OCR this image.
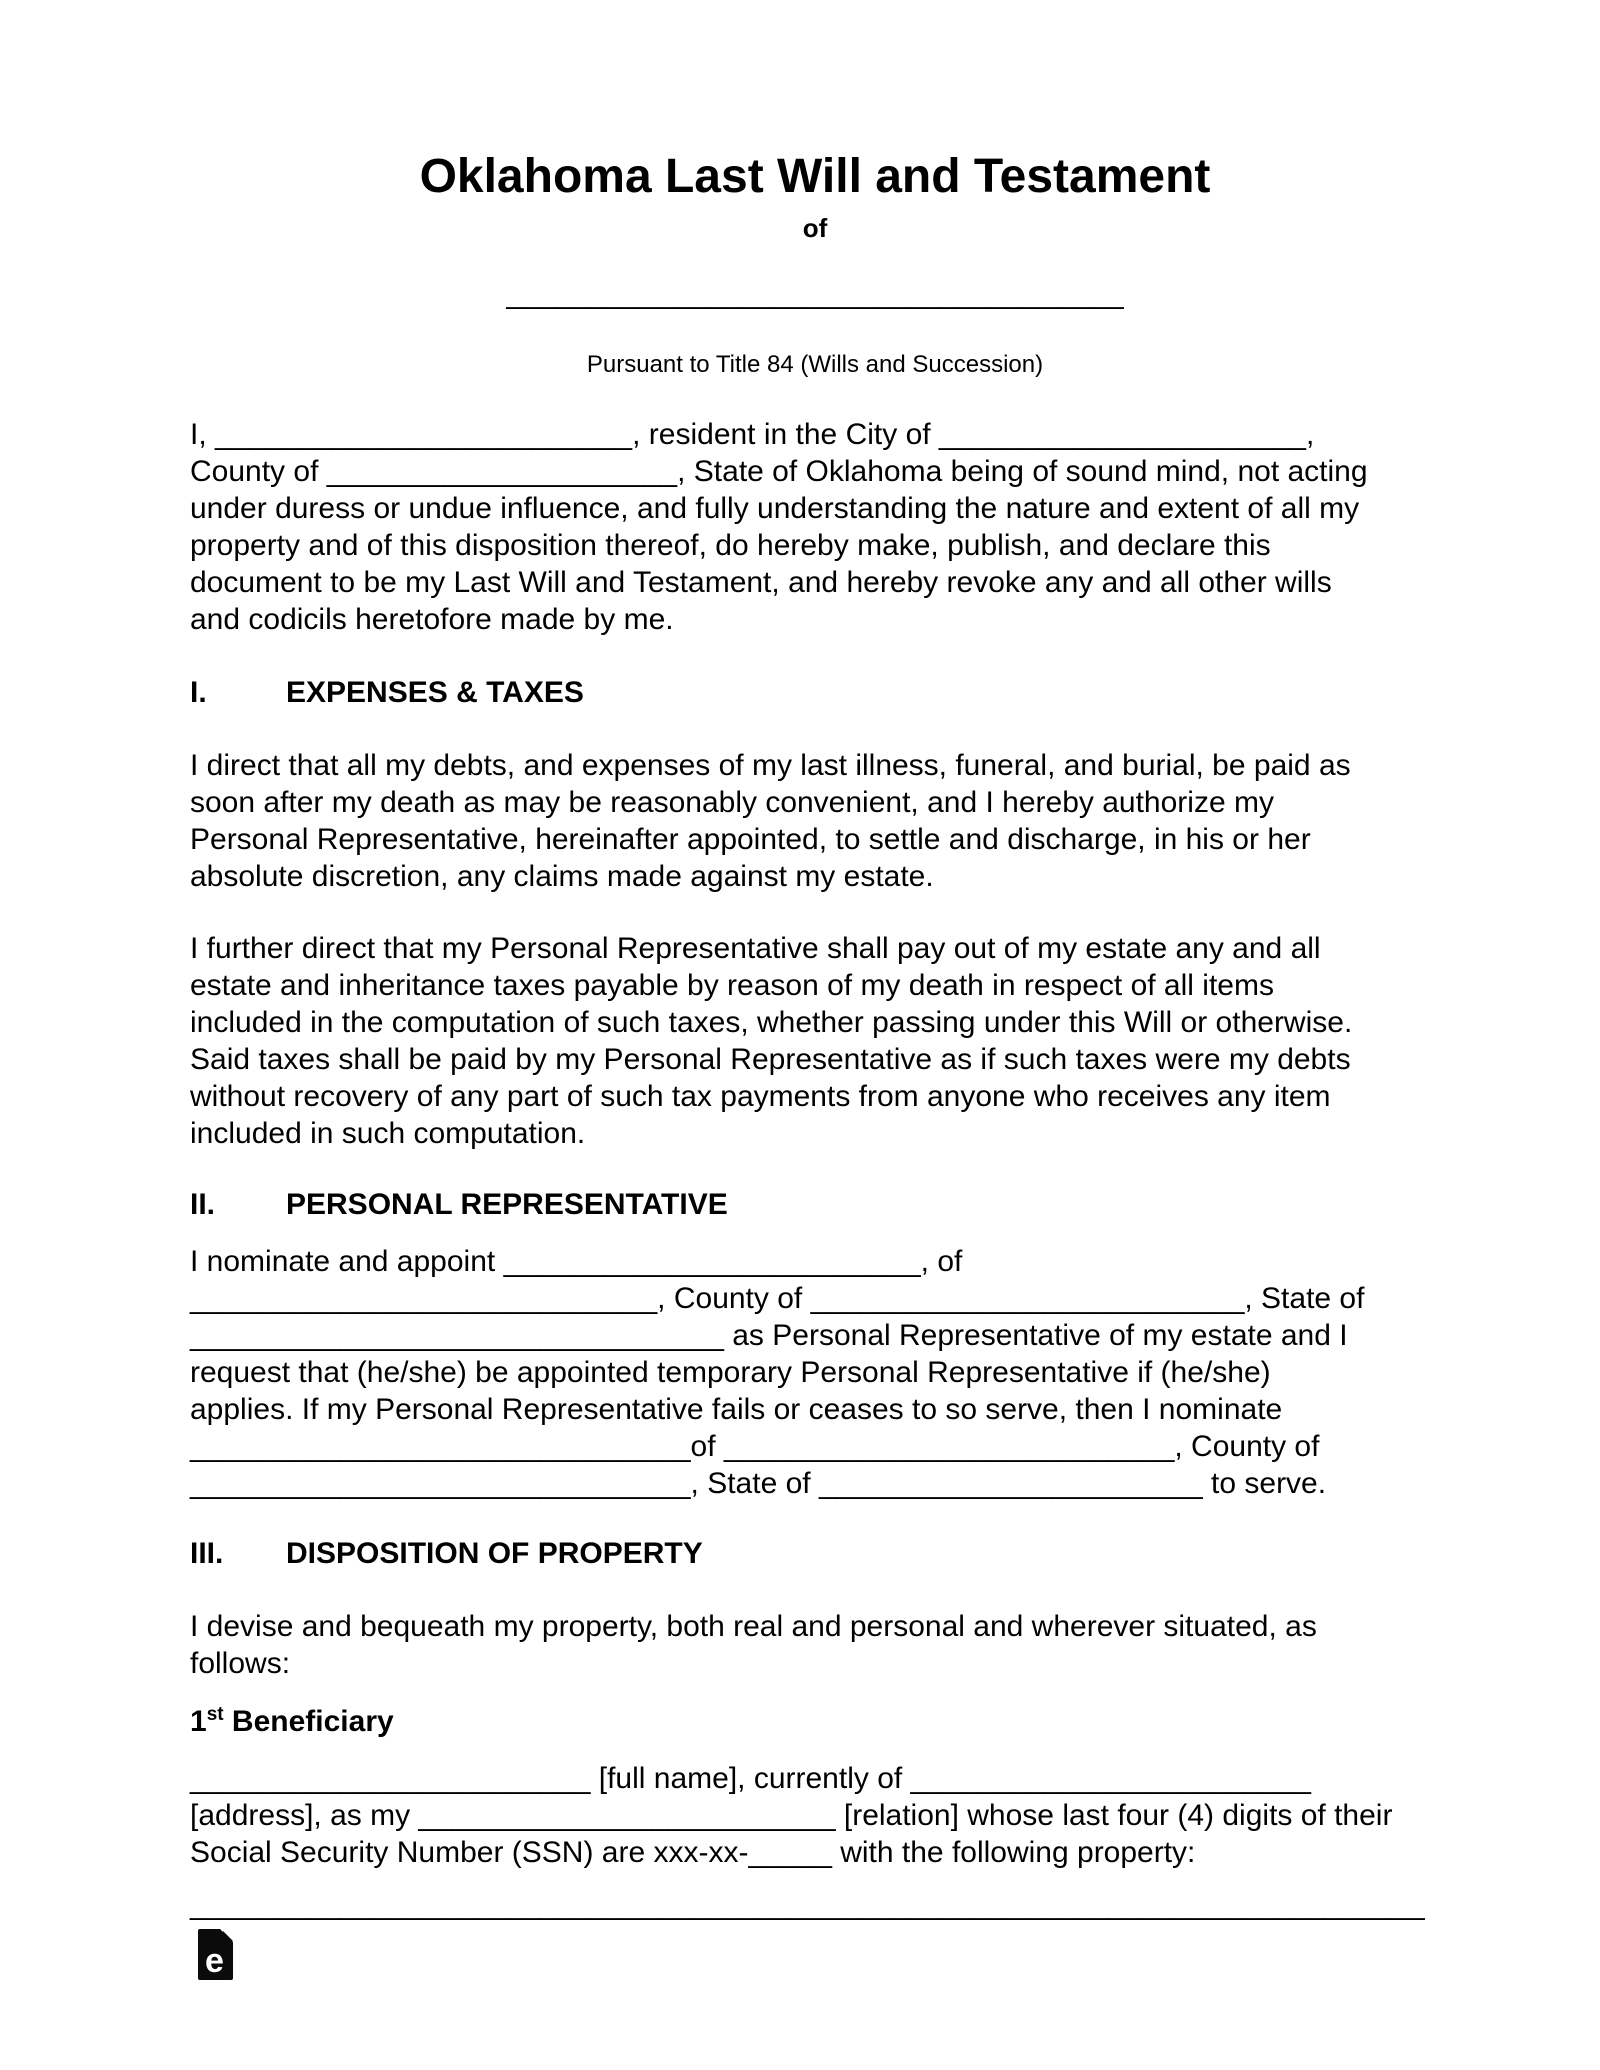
Oklahoma Last Will and Testament
of
_____________________________________
Pursuant to Title 84 (Wills and Succession)
I, _________________________, resident in the City of ______________________,
County of _____________________, State of Oklahoma being of sound mind, not acting
under duress or undue influence, and fully understanding the nature and extent of all my
property and of this disposition thereof, do hereby make, publish, and declare this
document to be my Last Will and Testament, and hereby revoke any and all other wills
and codicils heretofore made by me.
I.	EXPENSES & TAXES
I direct that all my debts, and expenses of my last illness, funeral, and burial, be paid as
soon after my death as may be reasonably convenient, and I hereby authorize my
Personal Representative, hereinafter appointed, to settle and discharge, in his or her
absolute discretion, any claims made against my estate.
I further direct that my Personal Representative shall pay out of my estate any and all
estate and inheritance taxes payable by reason of my death in respect of all items
included in the computation of such taxes, whether passing under this Will or otherwise.
Said taxes shall be paid by my Personal Representative as if such taxes were my debts
without recovery of any part of such tax payments from anyone who receives any item
included in such computation.
II.	PERSONAL REPRESENTATIVE
I nominate and appoint _________________________, of
____________________________, County of __________________________, State of
________________________________ as Personal Representative of my estate and I
request that (he/she) be appointed temporary Personal Representative if (he/she)
applies. If my Personal Representative fails or ceases to so serve, then I nominate
______________________________of ___________________________, County of
______________________________, State of _______________________ to serve.
III.	DISPOSITION OF PROPERTY
I devise and bequeath my property, both real and personal and wherever situated, as
follows:
1st Beneficiary
________________________ [full name], currently of ________________________
[address], as my _________________________ [relation] whose last four (4) digits of their
Social Security Number (SSN) are xxx-xx-_____ with the following property:
__________________________________________________________________________
e
